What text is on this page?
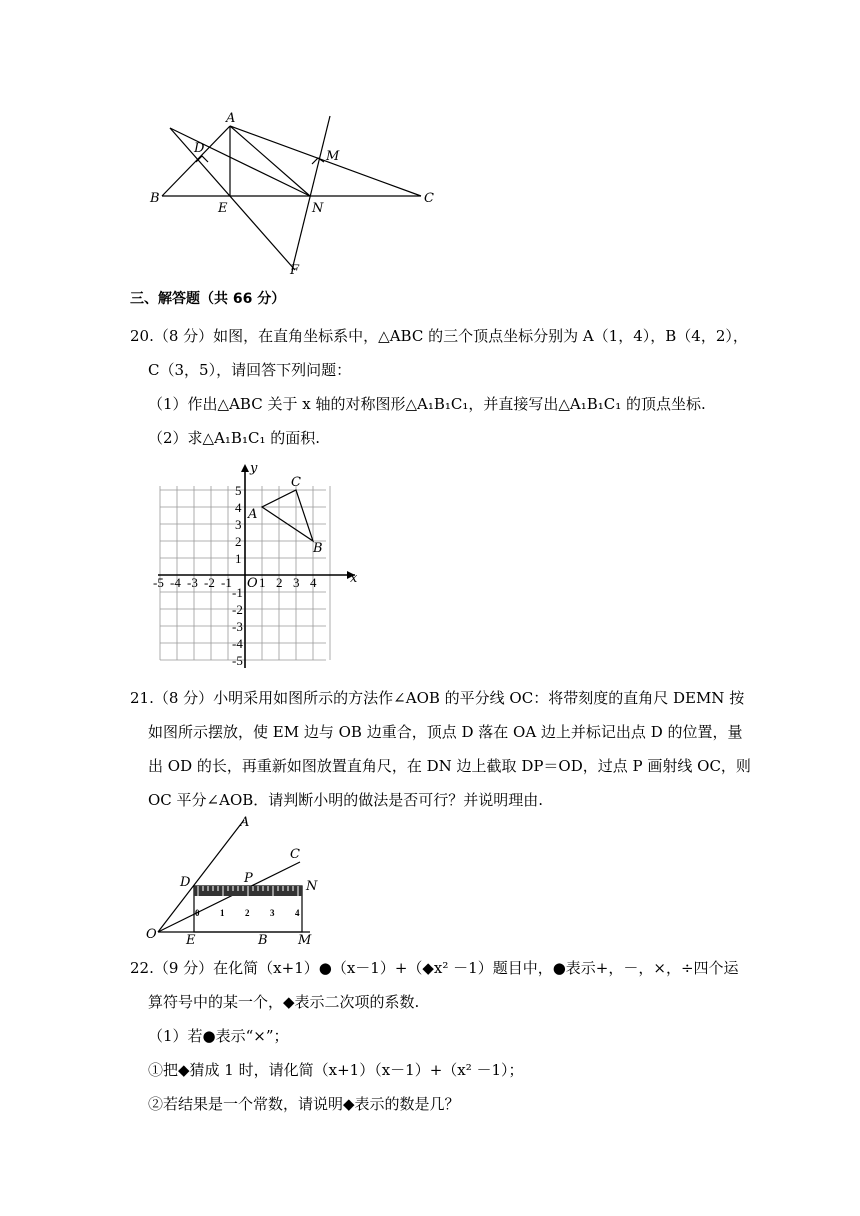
A
D
M
B
E	N
C
F
三、解答题（共 66 分）
20.（8 分）如图，在直角坐标系中，△ABC 的三个顶点坐标分别为 A（1，4），B（4，2），
C（3，5），请回答下列问题：
（1）作出△ABC 关于 x 轴的对称图形△A₁B₁C₁，并直接写出△A₁B₁C₁ 的顶点坐标.
（2）求△A₁B₁C₁ 的面积.
-5 -4 -3 -2 -1 1 2 3 4
5
4
3
2
1
-1
-2
-3
-4
-5
x
y
O
A
B
C
21.（8 分）小明采用如图所示的方法作∠AOB 的平分线 OC：将带刻度的直角尺 DEMN 按
如图所示摆放，使 EM 边与 OB 边重合，顶点 D 落在 OA 边上并标记出点 D 的位置，量
出 OD 的长，再重新如图放置直角尺，在 DN 边上截取 DP＝OD，过点 P 画射线 OC，则
OC 平分∠AOB．请判断小明的做法是否可行？并说明理由.
0 1 2 3 4
A
C
D	P
N
O E	B M
22.（9 分）在化简（x+1）●（x－1）+（◆x² －1）题目中，●表示+，－，×，÷四个运
算符号中的某一个，◆表示二次项的系数.
（1）若●表示“×”；
①把◆猜成 1 时，请化简（x+1）（x－1）+（x² －1）；
②若结果是一个常数，请说明◆表示的数是几？
